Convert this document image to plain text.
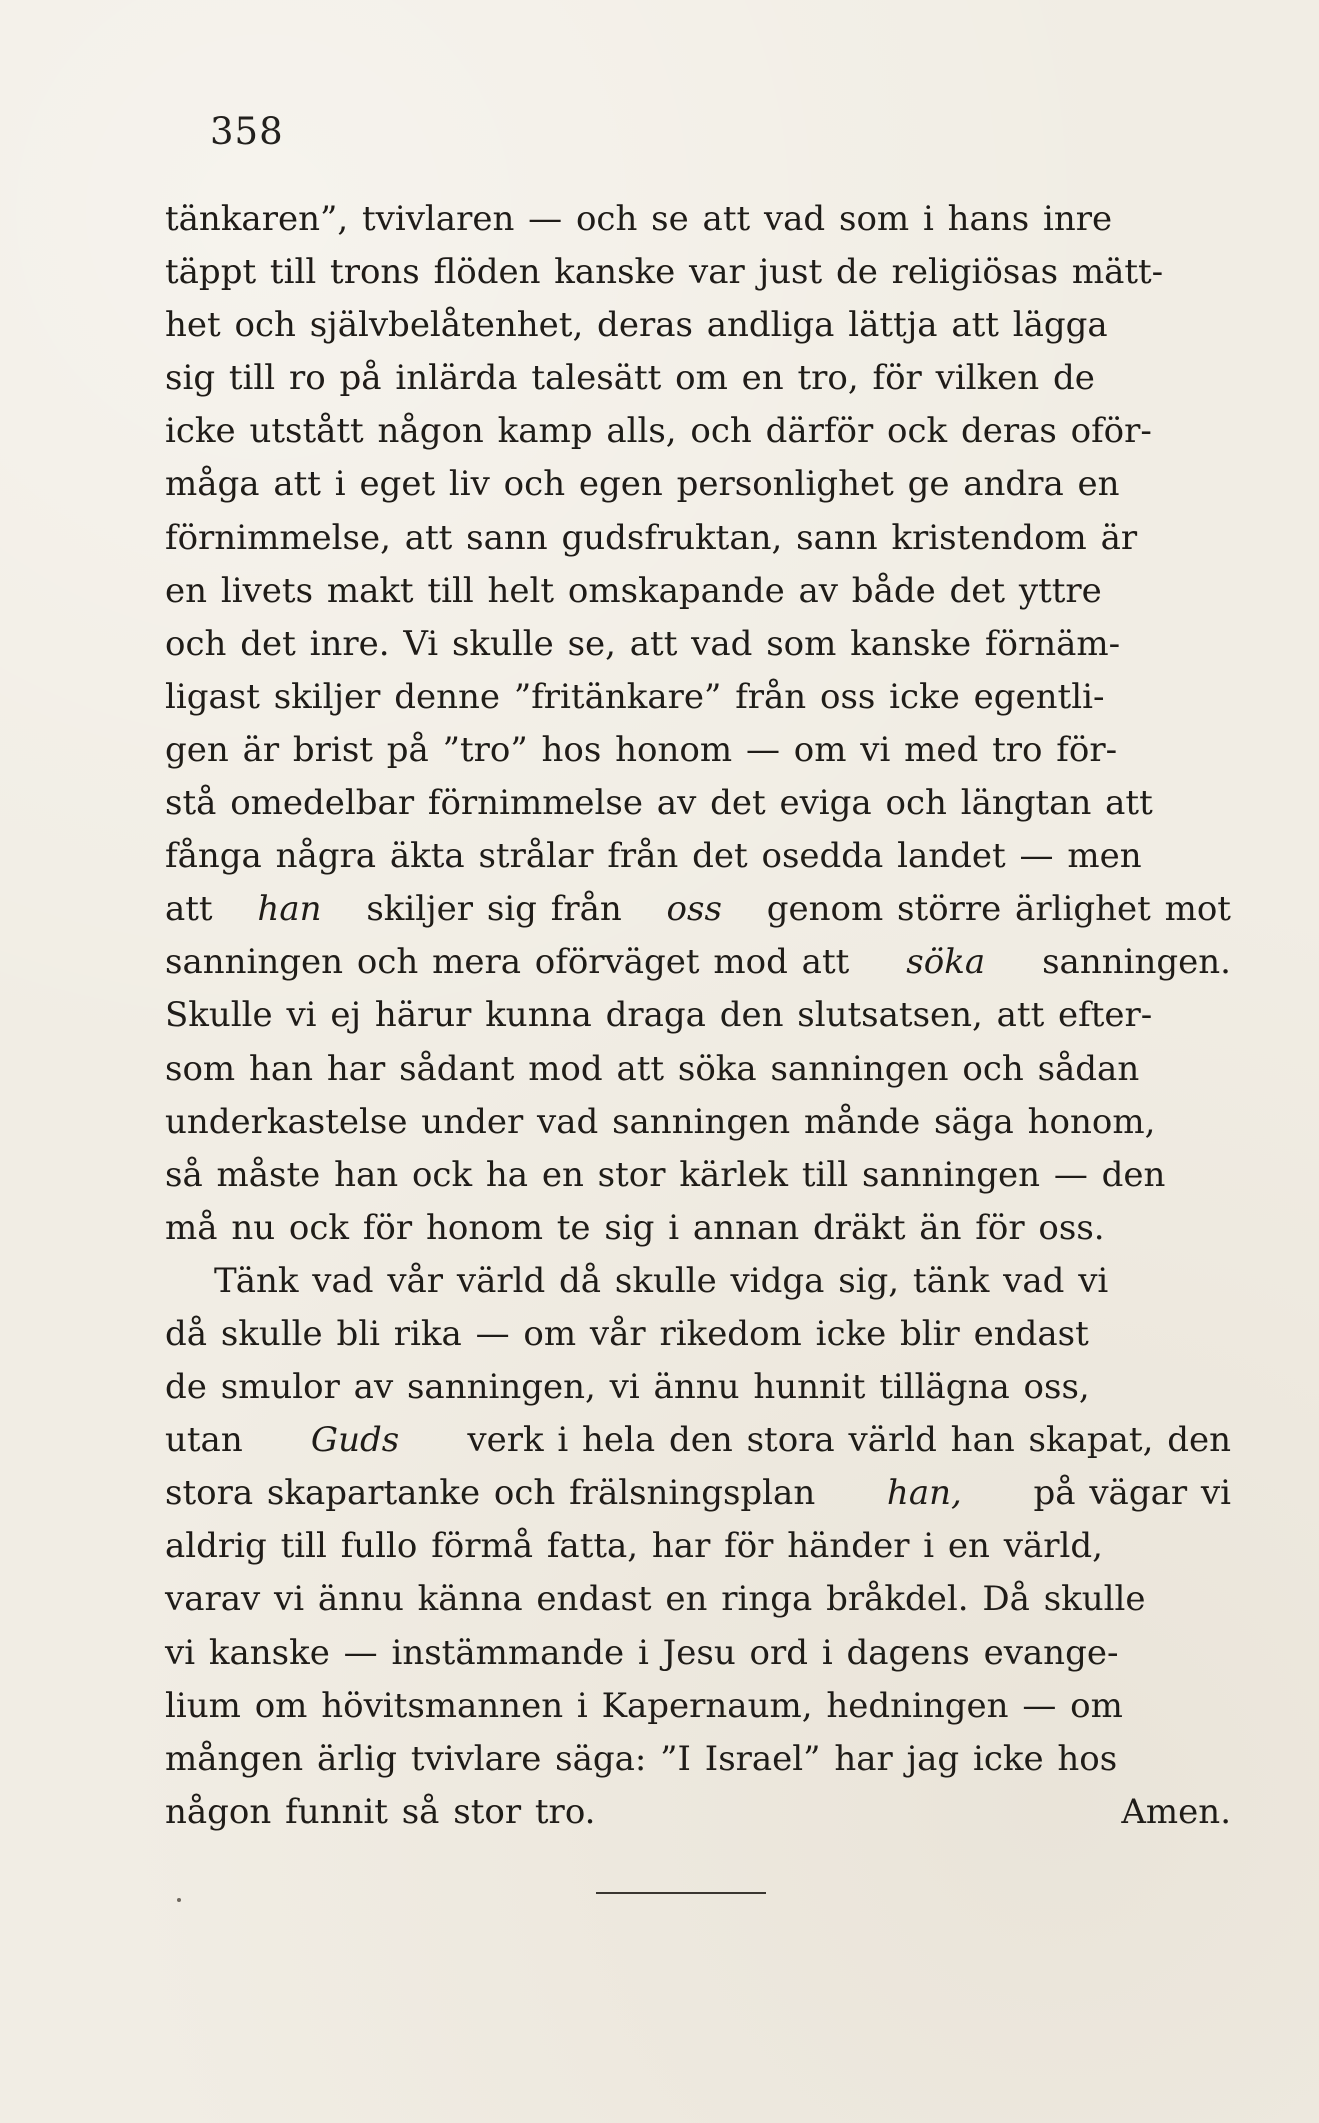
358
tänkaren”, tvivlaren — och se att vad som i hans inre
täppt till trons flöden kanske var just de religiösas mätt-
het och självbelåtenhet, deras andliga lättja att lägga
sig till ro på inlärda talesätt om en tro, för vilken de
icke utstått någon kamp alls, och därför ock deras oför-
måga att i eget liv och egen personlighet ge andra en
förnimmelse, att sann gudsfruktan, sann kristendom är
en livets makt till helt omskapande av både det yttre
och det inre. Vi skulle se, att vad som kanske förnäm-
ligast skiljer denne ”fritänkare” från oss icke egentli-
gen är brist på ”tro” hos honom — om vi med tro för-
stå omedelbar förnimmelse av det eviga och längtan att
fånga några äkta strålar från det osedda landet — men
att han skiljer sig från oss genom större ärlighet mot
sanningen och mera oförväget mod att söka sanningen.
Skulle vi ej härur kunna draga den slutsatsen, att efter-
som han har sådant mod att söka sanningen och sådan
underkastelse under vad sanningen månde säga honom,
så måste han ock ha en stor kärlek till sanningen — den
må nu ock för honom te sig i annan dräkt än för oss.
Tänk vad vår värld då skulle vidga sig, tänk vad vi
då skulle bli rika — om vår rikedom icke blir endast
de smulor av sanningen, vi ännu hunnit tillägna oss,
utan Guds verk i hela den stora värld han skapat, den
stora skapartanke och frälsningsplan han, på vägar vi
aldrig till fullo förmå fatta, har för händer i en värld,
varav vi ännu känna endast en ringa bråkdel. Då skulle
vi kanske — instämmande i Jesu ord i dagens evange-
lium om hövitsmannen i Kapernaum, hedningen — om
mången ärlig tvivlare säga: ”I Israel” har jag icke hos
någon funnit så stor tro.	Amen.
